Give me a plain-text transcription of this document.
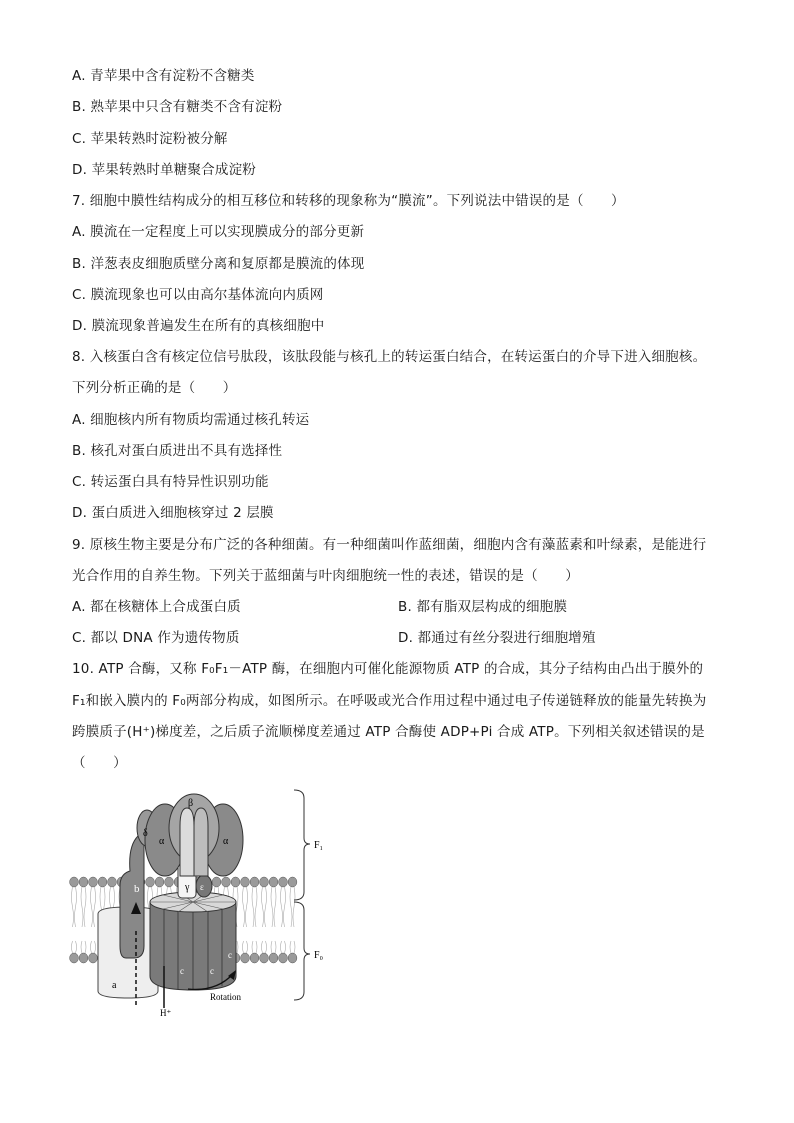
A. 青苹果中含有淀粉不含糖类
B. 熟苹果中只含有糖类不含有淀粉
C. 苹果转熟时淀粉被分解
D. 苹果转熟时单糖聚合成淀粉
7. 细胞中膜性结构成分的相互移位和转移的现象称为“膜流”。下列说法中错误的是（　　）
A. 膜流在一定程度上可以实现膜成分的部分更新
B. 洋葱表皮细胞质壁分离和复原都是膜流的体现
C. 膜流现象也可以由高尔基体流向内质网
D. 膜流现象普遍发生在所有的真核细胞中
8. 入核蛋白含有核定位信号肽段，该肽段能与核孔上的转运蛋白结合，在转运蛋白的介导下进入细胞核。
下列分析正确的是（　　）
A. 细胞核内所有物质均需通过核孔转运
B. 核孔对蛋白质进出不具有选择性
C. 转运蛋白具有特异性识别功能
D. 蛋白质进入细胞核穿过 2 层膜
9. 原核生物主要是分布广泛的各种细菌。有一种细菌叫作蓝细菌，细胞内含有藻蓝素和叶绿素，是能进行
光合作用的自养生物。下列关于蓝细菌与叶肉细胞统一性的表述，错误的是（　　）
A. 都在核糖体上合成蛋白质	B. 都有脂双层构成的细胞膜
C. 都以 DNA 作为遗传物质	D. 都通过有丝分裂进行细胞增殖
10. ATP 合酶，又称 F₀F₁－ATP 酶，在细胞内可催化能源物质 ATP 的合成，其分子结构由凸出于膜外的
F₁和嵌入膜内的 F₀两部分构成，如图所示。在呼吸或光合作用过程中通过电子传递链释放的能量先转换为
跨膜质子(H⁺)梯度差，之后质子流顺梯度差通过 ATP 合酶使 ADP+Pi 合成 ATP。下列相关叙述错误的是
（　　）
β
α	α
δ
γ ε
b
a
c	c
c
F₁
F₀
Rotation
H⁺
